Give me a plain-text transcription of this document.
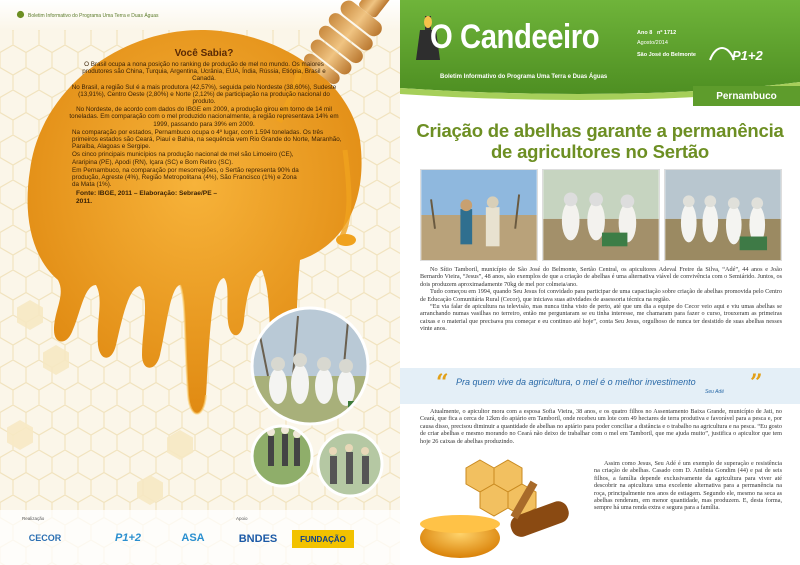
Boletim Informativo do Programa Uma Terra e Duas Águas
Você Sabia?

O Brasil ocupa a nona posição no ranking de produção de mel no mundo. Os maiores produtores são China, Turquia, Argentina, Ucrânia, EUA, Índia, Rússia, Etiópia, Brasil e Canadá.

No Brasil, a região Sul é a mais produtora (42,57%), seguida pelo Nordeste (38,60%), Sudeste (13,91%), Centro Oeste (2,80%) e Norte (2,12%) de participação na produção nacional do produto.

No Nordeste, de acordo com dados do IBGE em 2009, a produção girou em torno de 14 mil toneladas. Em comparação com o mel produzido nacionalmente, a região representava 14% em 1999, passando para 39% em 2009.

Na comparação por estados, Pernambuco ocupa o 4º lugar, com 1.594 toneladas. Os três primeiros estados são Ceará, Piauí e Bahia, na sequência vem Rio Grande do Norte, Maranhão, Paraíba, Alagoas e Sergipe.

Os cinco principais municípios na produção nacional de mel são Limoeiro (CE), Araripina (PE), Apodi (RN), Içara (SC) e Bom Retiro (SC).

Em Pernambuco, na comparação por mesorregiões, o Sertão representa 90% da produção, Agreste (4%), Região Metropolitana (4%), São Francisco (1%) e Zona da Mata (1%).

Fonte: IBGE, 2011 – Elaboração: Sebrae/PE – 2011.

Realização	Apoio
CECOR	P1+2	ASA	BNDES	FUNDAÇÃO
O Candeeiro	Ano 8 nº 1712
Agosto/2014
São José do Belmonte
Boletim Informativo do Programa Uma Terra e Duas Águas
P1+2
Pernambuco
Criação de abelhas garante a permanência de agricultores no Sertão

No Sítio Tamboril, município de São José do Belmonte, Sertão Central, os apicultores Adeval Freire da Silva, “Adé”, 44 anos e João Bernardo Vieira, “Jesus”, 48 anos, são exemplos de que a criação de abelhas é uma alternativa viável de convivência com o Semiárido. Juntos, os dois produzem aproximadamente 70kg de mel por colmeia/ano.

Tudo começou em 1994, quando Seu Jesus foi convidado para participar de uma capacitação sobre criação de abelhas promovida pelo Centro de Educação Comunitária Rural (Cecor), que iniciava suas atividades de assessoria técnica na região.

“Eu via falar de apicultura na televisão, mas nunca tinha visto de perto, até que um dia a equipe do Cecor veio aqui e viu umas abelhas se arranchando numas vasilhas no terreiro, então me perguntaram se eu tinha interesse, me chamaram para fazer o curso, trouxeram as primeiras caixas e o material que precisava pra começar e eu continuo até hoje”, conta Seu Jesus, orgulhoso de nunca ter desistido de suas abelhas nesses vinte anos.

“	”
Pra quem vive da agricultura, o mel é o melhor investimento
Seu Adé

Atualmente, o apicultor mora com a esposa Sofia Vieira, 38 anos, e os quatro filhos no Assentamento Baixa Grande, município de Jati, no Ceará, que fica a cerca de 12km do apiário em Tamboril, onde recebeu um lote com 49 hectares de terra produtiva e favorável para a pesca e, por causa disso, precisou diminuir a quantidade de abelhas no apiário para poder conciliar a distância e o trabalho na agricultura e na pesca. “Eu gosto de criar abelhas e mesmo morando no Ceará não deixo de trabalhar com o mel em Tamboril, que me ajuda muito”, justifica o apicultor que tem hoje 26 caixas de abelhas produzindo.

Assim como Jesus, Seu Adé é um exemplo de superação e resistência na criação de abelhas. Casado com D. Antônia Gondim (44) e pai de seis filhos, a família depende exclusivamente da agricultura para viver até descobrir na apicultura uma excelente alternativa para a permanência na roça, principalmente nos anos de estiagem. Segundo ele, mesmo na seca as abelhas renderam, em menor quantidade, mas produzem. E, desta forma, sempre há uma renda extra e segura para a família.
